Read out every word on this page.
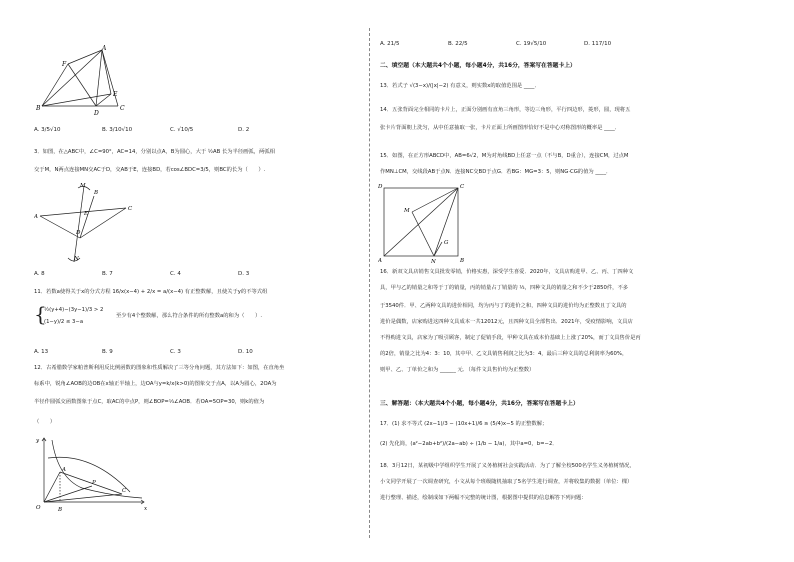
A
F
E
B	C
D
A. 3/5√10	B. 3/10√10	C. √10/5	D. 2
3．如图，在△ABC中，∠C=90°，AC=14，分别以点A，B为圆心，大于 ½AB 长为半径画弧，两弧相
交于M，N两点连接MN交AC于D，交AB于E，连接BD，若cos∠BDC=3/5，则BC的长为（　　）.
M
B
A	E
D
C
N
A. 8	B. 7	C. 4	D. 3
11．若数a使得关于x的分式方程 16/x(x−4) + 2/x = a/(x−4) 有正整数解，且使关于y的不等式组
{
½(y+4)−(3y−1)/3 > 2
(1−y)/2 ≤ 3−a
至少有4个整数解，那么符合条件的所有整数a的和为（　　）.
A. 13	B. 9	C. 3	D. 10
12．古希腊数学家帕普斯利用反比例函数的图象和性质解决了三等分角问题，其方法如下：如图，在直角坐
标系中，锐角∠AOB的边OB在x轴正半轴上，边OA与y=k/x(k>0)的图象交于点A，以A为圆心，2OA为
半径作圆弧交函数图象于点C，取AC的中点P，则∠BOP=⅓∠AOB．若OA=5OP=30，则k的值为
（　　）
y
A
P
C
O	B	x
A. 21/5	B. 22/5	C. 19√5/10	D. 117/10
二、填空题（本大题共4个小题，每小题4分，共16分，答案写在答题卡上）
13．若式子 √(3−x)/(|x|−2) 有意义，则实数x的取值范围是 ____．
14．五张背面完全相同的卡片上，正面分别画有直角三角形，等边三角形，平行四边形，菱形，圆，现将五
张卡片背面朝上洗匀，从中任意抽取一张，卡片正面上所画图形恰好不是中心对称图形的概率是 ____．
15．如图，在正方形ABCD中，AB=6√2，M为对角线BD上任意一点（不与B，D重合），连接CM，过点M
作MN⊥CM，交线段AB于点N．连接NC交BD于点G．若BG：MG=3：5，则NG·CG的值为 ____．
D	C
M
G
A	N	B
16．新双文具店销售文具批发零销，价格实惠，深受学生喜爱．2020年，文具店购进甲、乙、丙、丁四种文
具，甲与乙的销量之和等于丁的销量，丙的销量占丁销量的 ⅓，四种文具的销量之和不少于2850件，不多
于3540件．甲、乙两种文具的进价相同，均为丙与丁的进价之和，四种文具的进价均为正整数且丁文具的
进价是偶数，店家购进这四种文具成本一共12012元，且四种文具全部售出．2021年，受疫情影响，文具店
不得购进文具，店家为了吸引顾客，制定了促销手段，甲种文具在成本价基础上上涨了20%，而丁文具售价是丙
的2倍，销量之比为4：3：10，其中甲、乙文具销售利润之比为3：4，最后三种文具的总利润率为60%，
则甲、乙、丁单价之和为 ______ 元．（每件文具售价均为正整数）
三、解答题：（本大题共4个小题，每小题4分，共16分，答案写在答题卡上）
17．(1) 求不等式 (2x−1)/3 − (10x+1)/6 ≥ (5/4)x−5 的正整数解；
(2) 先化简，(a²−2ab+b²)/(2a−ab) ÷ (1/b − 1/a)，其中a=0，b=−2．
18．3月12日，某初级中学组织学生开展了义务植树社会实践活动．为了了解全校500名学生义务植树情况，
小文同学开展了一次调查研究，小文从每个班级随机抽取了5名学生进行调查，并将收集的数据（单位：棵）
进行整理、描述，绘制成如下两幅不完整的统计图，根据图中提供的信息解答下列问题：
